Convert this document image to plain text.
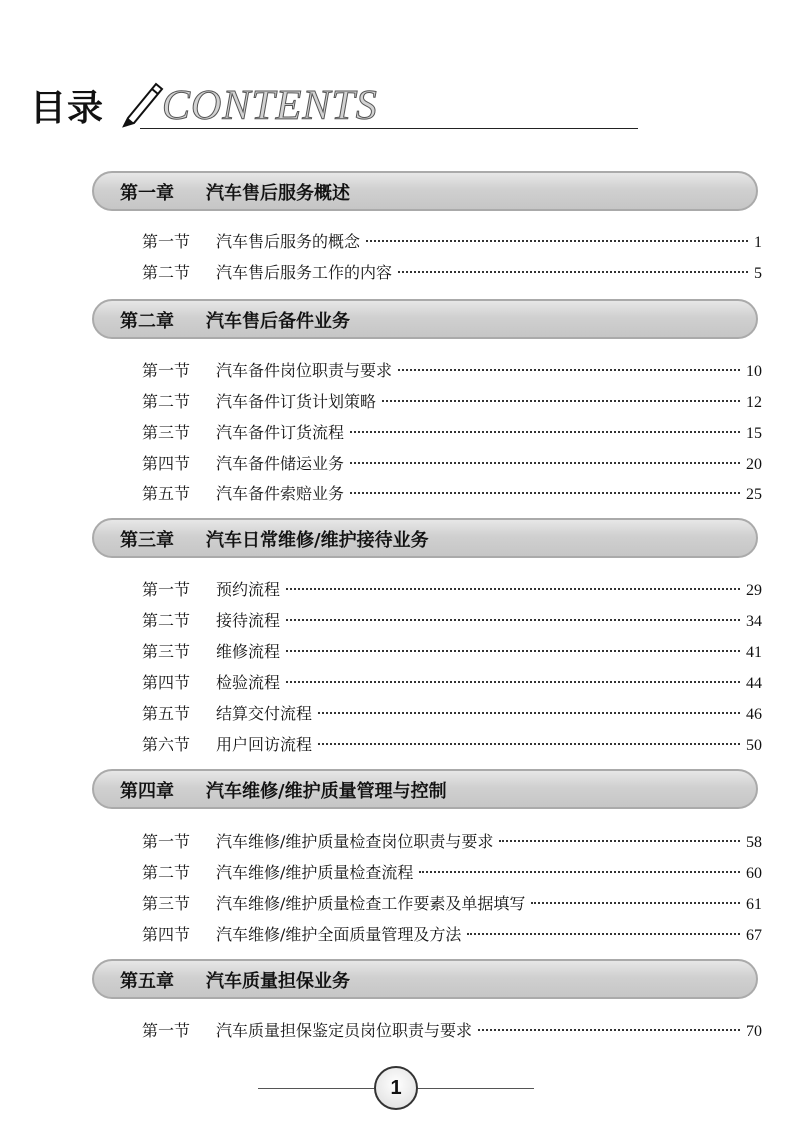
目录 CONTENTS
第一章 汽车售后服务概述
第一节 汽车售后服务的概念	1
第二节 汽车售后服务工作的内容	5
第二章 汽车售后备件业务
第一节 汽车备件岗位职责与要求	10
第二节 汽车备件订货计划策略	12
第三节 汽车备件订货流程	15
第四节 汽车备件储运业务	20
第五节 汽车备件索赔业务	25
第三章 汽车日常维修/维护接待业务
第一节 预约流程	29
第二节 接待流程	34
第三节 维修流程	41
第四节 检验流程	44
第五节 结算交付流程	46
第六节 用户回访流程	50
第四章 汽车维修/维护质量管理与控制
第一节 汽车维修/维护质量检查岗位职责与要求	58
第二节 汽车维修/维护质量检查流程	60
第三节 汽车维修/维护质量检查工作要素及单据填写	61
第四节 汽车维修/维护全面质量管理及方法	67
第五章 汽车质量担保业务
第一节 汽车质量担保鉴定员岗位职责与要求	70
1
